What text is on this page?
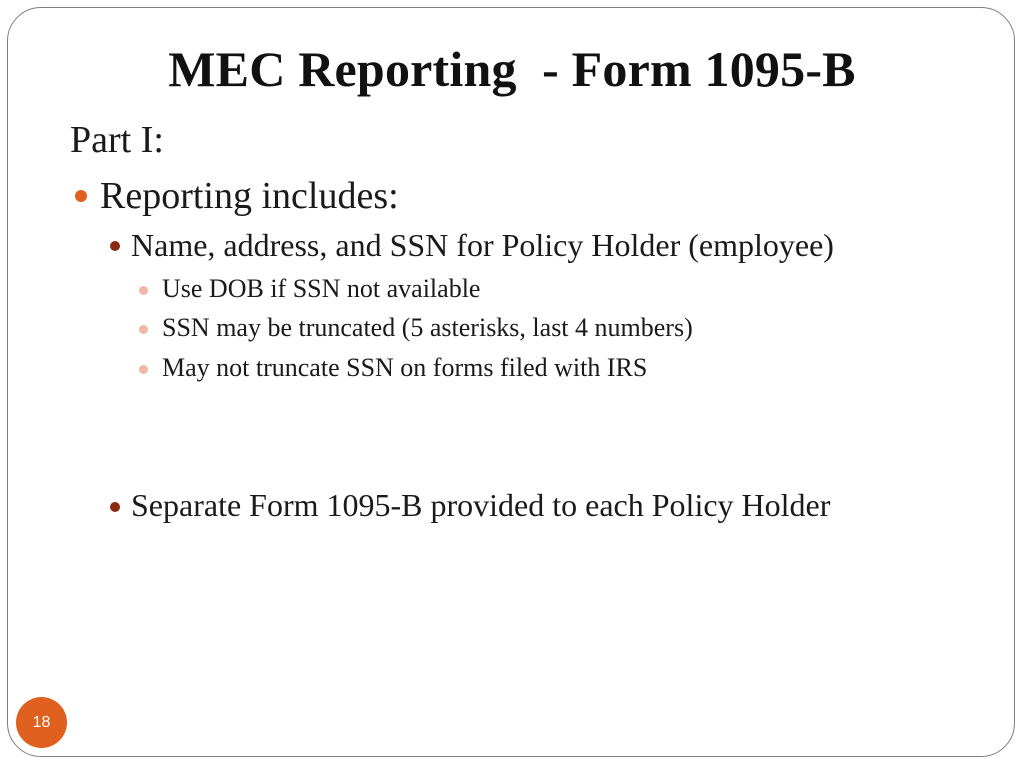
MEC Reporting  - Form 1095-B
Part I:
Reporting includes:
Name, address, and SSN for Policy Holder (employee)
Use DOB if SSN not available
SSN may be truncated (5 asterisks, last 4 numbers)
May not truncate SSN on forms filed with IRS
Separate Form 1095-B provided to each Policy Holder
18
